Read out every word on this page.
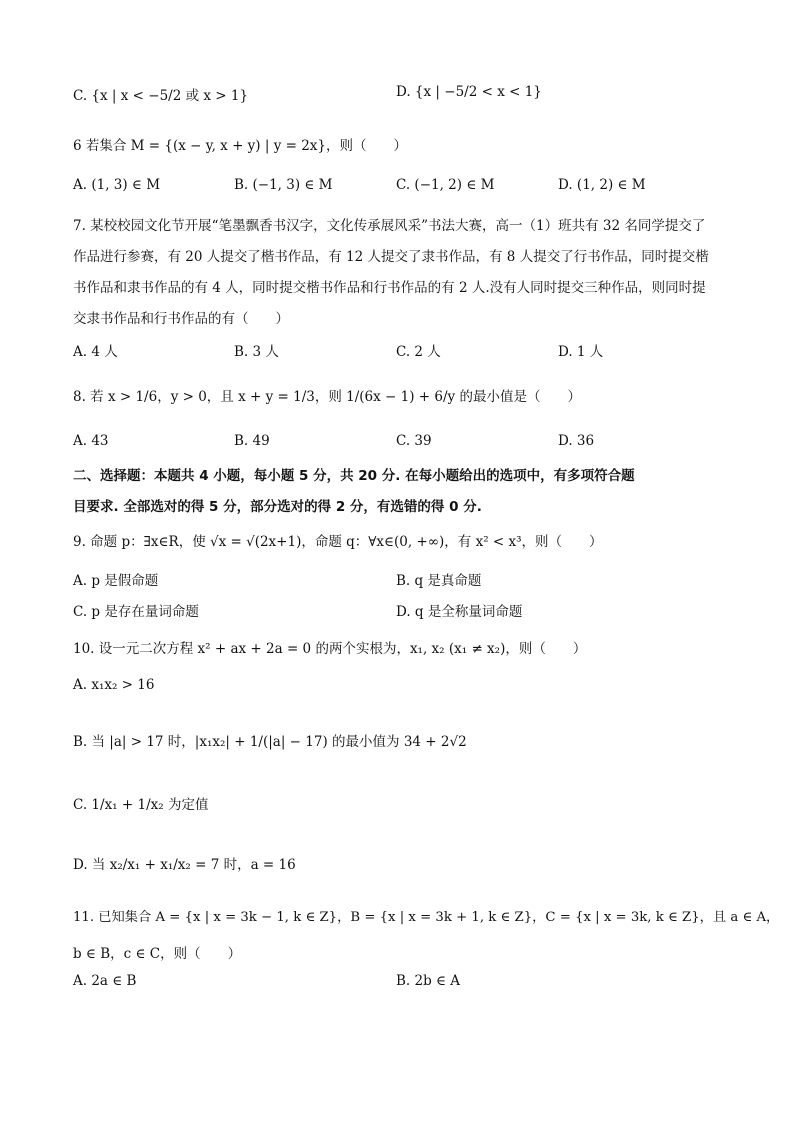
C. {x | x < −5/2 或 x > 1}	D. {x | −5/2 < x < 1}
6 若集合 M = {(x − y, x + y) | y = 2x}，则（　　）
A. (1, 3) ∈ M	B. (−1, 3) ∈ M	C. (−1, 2) ∈ M	D. (1, 2) ∈ M
7. 某校校园文化节开展“笔墨飘香书汉字，文化传承展风采”书法大赛，高一（1）班共有 32 名同学提交了
作品进行参赛，有 20 人提交了楷书作品，有 12 人提交了隶书作品，有 8 人提交了行书作品，同时提交楷
书作品和隶书作品的有 4 人，同时提交楷书作品和行书作品的有 2 人.没有人同时提交三种作品，则同时提
交隶书作品和行书作品的有（　　）
A. 4 人	B. 3 人	C. 2 人	D. 1 人
8. 若 x > 1/6，y > 0，且 x + y = 1/3，则 1/(6x − 1) + 6/y 的最小值是（　　）
A. 43	B. 49	C. 39	D. 36
二、选择题：本题共 4 小题，每小题 5 分，共 20 分. 在每小题给出的选项中，有多项符合题
目要求. 全部选对的得 5 分，部分选对的得 2 分，有选错的得 0 分.
9. 命题 p：∃x∈R，使 √x = √(2x+1)，命题 q：∀x∈(0, +∞)，有 x² < x³，则（　　）
A. p 是假命题	B. q 是真命题
C. p 是存在量词命题	D. q 是全称量词命题
10. 设一元二次方程 x² + ax + 2a = 0 的两个实根为，x₁, x₂ (x₁ ≠ x₂)，则（　　）
A. x₁x₂ > 16
B. 当 |a| > 17 时，|x₁x₂| + 1/(|a| − 17) 的最小值为 34 + 2√2
C. 1/x₁ + 1/x₂ 为定值
D. 当 x₂/x₁ + x₁/x₂ = 7 时，a = 16
11. 已知集合 A = {x | x = 3k − 1, k ∈ Z}，B = {x | x = 3k + 1, k ∈ Z}，C = {x | x = 3k, k ∈ Z}，且 a ∈ A，
b ∈ B，c ∈ C，则（　　）
A. 2a ∈ B	B. 2b ∈ A
